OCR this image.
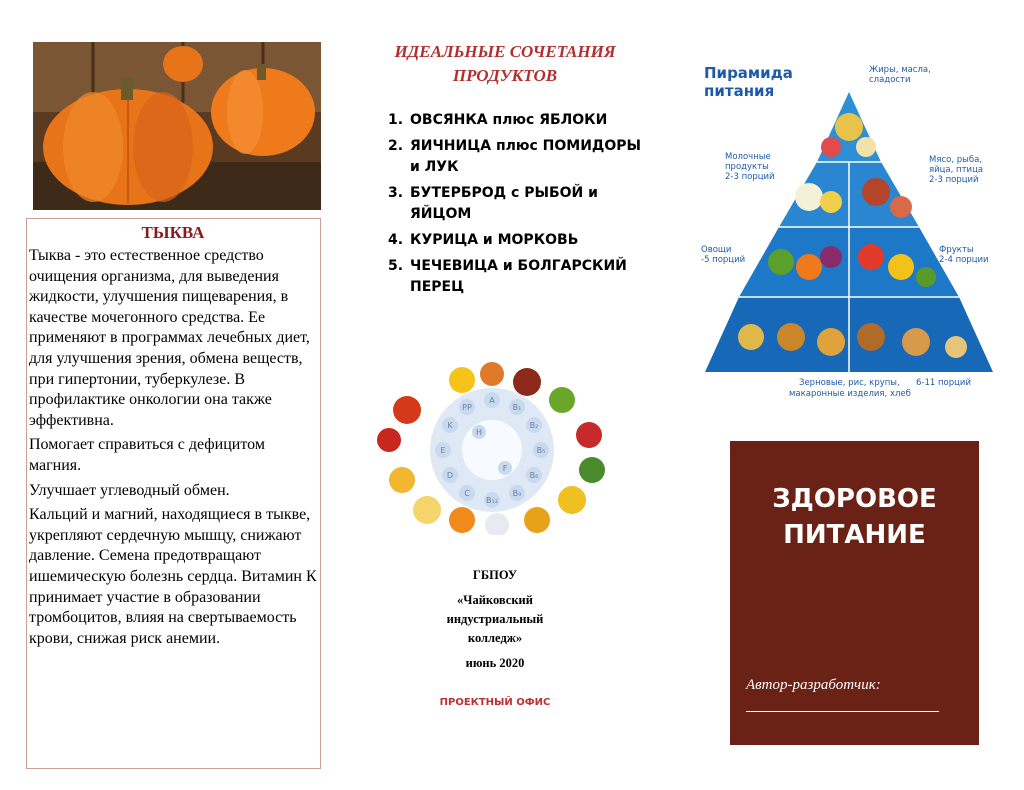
ТЫКВА

Тыква - это естественное средство очищения организма, для выведения жидкости, улучшения пищеварения, в качестве мочегонного средства. Ее применяют в программах лечебных диет, для улучшения зрения, обмена веществ, при гипертонии, туберкулезе. В профилактике онкологии она также эффективна.

Помогает справиться с дефицитом магния.

Улучшает углеводный обмен.

Кальций и магний, находящиеся в тыкве, укрепляют сердечную мышцу, снижают давление. Семена предотвращают ишемическую болезнь сердца. Витамин К принимает участие в образовании тромбоцитов, влияя на свертываемость крови, снижая риск анемии.

ИДЕАЛЬНЫЕ СОЧЕТАНИЯ
ПРОДУКТОВ
1. ОВСЯНКА плюс ЯБЛОКИ
2. ЯИЧНИЦА плюс ПОМИДОРЫ и ЛУК
3. БУТЕРБРОД с РЫБОЙ и ЯЙЦОМ
4. КУРИЦА и МОРКОВЬ
5. ЧЕЧЕВИЦА и БОЛГАРСКИЙ ПЕРЕЦ
A
B₁
B₂
B₅
B₆
B₉
B₁₂
C
D
E
K
PP
H
F
ГБПОУ
«Чайковский
индустриальный
колледж»
июнь 2020
ПРОЕКТНЫЙ ОФИС
Пирамида
питания
Жиры, масла,
сладости
Молочные
продукты
2-3 порций
Мясо, рыба,
яйца, птица
2-3 порций
Овощи
-5 порций
Фрукты
2-4 порции
Зерновые, рис, крупы,
макаронные изделия, хлеб
6-11 порций
ЗДОРОВОЕ
ПИТАНИЕ
Автор-разработчик:
